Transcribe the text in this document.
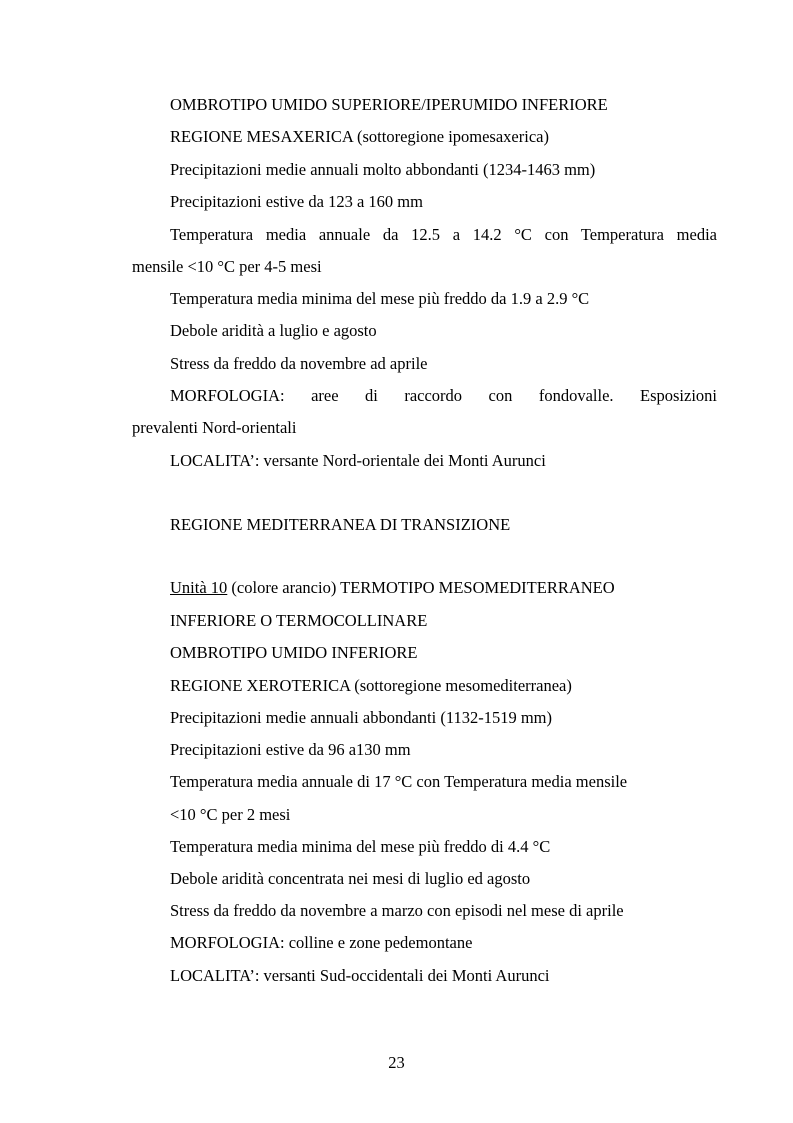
OMBROTIPO UMIDO SUPERIORE/IPERUMIDO INFERIORE
REGIONE MESAXERICA (sottoregione ipomesaxerica)
Precipitazioni medie annuali molto abbondanti (1234-1463 mm)
Precipitazioni estive da 123 a 160 mm
Temperatura media annuale da 12.5 a 14.2 °C con Temperatura media
mensile <10 °C per 4-5 mesi
Temperatura media minima del mese più freddo da 1.9 a 2.9 °C
Debole aridità a luglio e agosto
Stress da freddo da novembre ad aprile
MORFOLOGIA: aree di raccordo con fondovalle. Esposizioni
prevalenti Nord-orientali
LOCALITA’: versante Nord-orientale dei Monti Aurunci
REGIONE MEDITERRANEA DI TRANSIZIONE
Unità 10 (colore arancio) TERMOTIPO MESOMEDITERRANEO
INFERIORE O TERMOCOLLINARE
OMBROTIPO UMIDO INFERIORE
REGIONE XEROTERICA (sottoregione mesomediterranea)
Precipitazioni medie annuali abbondanti (1132-1519 mm)
Precipitazioni estive da 96 a130 mm
Temperatura media annuale di 17 °C con Temperatura media mensile
<10 °C per 2 mesi
Temperatura media minima del mese più freddo di 4.4 °C
Debole aridità concentrata nei mesi di luglio ed agosto
Stress da freddo da novembre a marzo con episodi nel mese di aprile
MORFOLOGIA: colline e zone pedemontane
LOCALITA’: versanti Sud-occidentali dei Monti Aurunci
23
